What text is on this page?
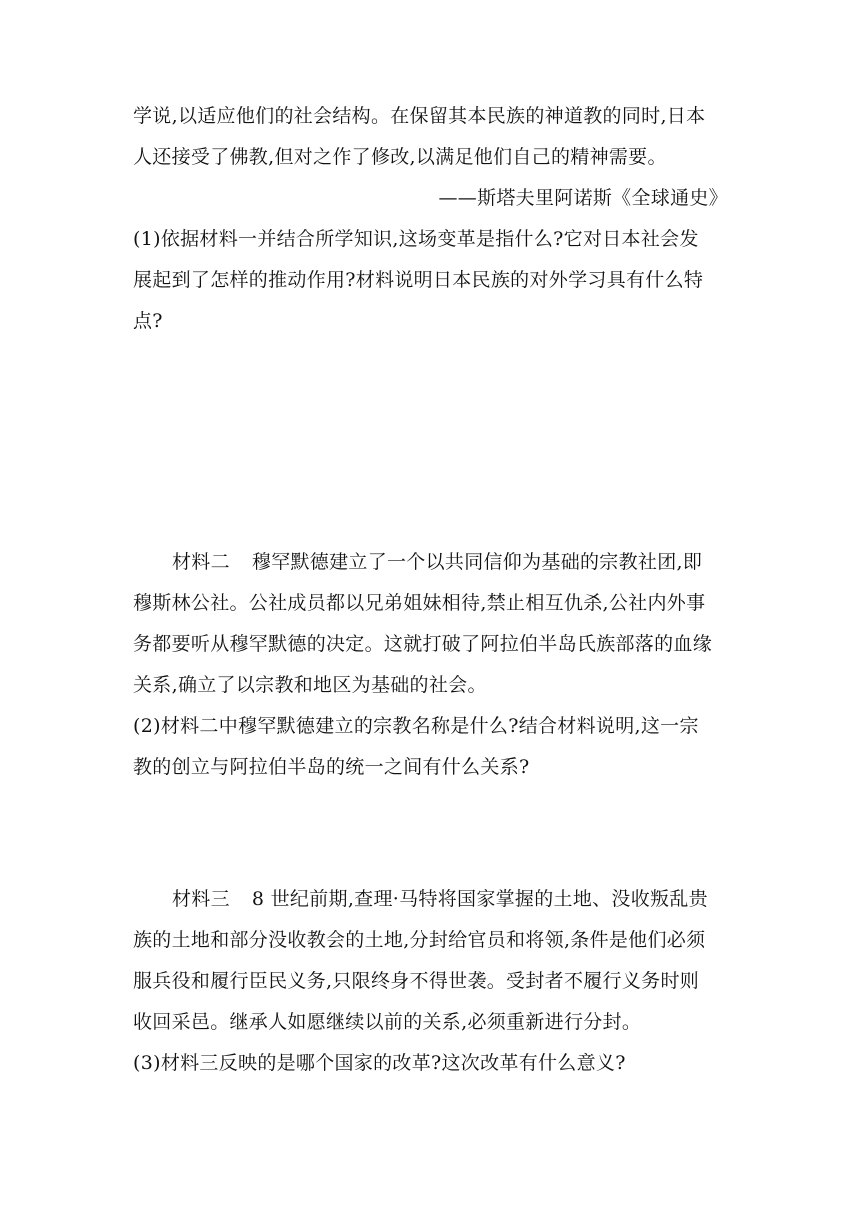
学说,以适应他们的社会结构。在保留其本民族的神道教的同时,日本
人还接受了佛教,但对之作了修改,以满足他们自己的精神需要。
——斯塔夫里阿诺斯《全球通史》
(1)依据材料一并结合所学知识,这场变革是指什么?它对日本社会发
展起到了怎样的推动作用?材料说明日本民族的对外学习具有什么特
点?
材料二 穆罕默德建立了一个以共同信仰为基础的宗教社团,即
穆斯林公社。公社成员都以兄弟姐妹相待,禁止相互仇杀,公社内外事
务都要听从穆罕默德的决定。这就打破了阿拉伯半岛氏族部落的血缘
关系,确立了以宗教和地区为基础的社会。
(2)材料二中穆罕默德建立的宗教名称是什么?结合材料说明,这一宗
教的创立与阿拉伯半岛的统一之间有什么关系?
材料三 8 世纪前期,查理·马特将国家掌握的土地、没收叛乱贵
族的土地和部分没收教会的土地,分封给官员和将领,条件是他们必须
服兵役和履行臣民义务,只限终身不得世袭。受封者不履行义务时则
收回采邑。继承人如愿继续以前的关系,必须重新进行分封。
(3)材料三反映的是哪个国家的改革?这次改革有什么意义?
